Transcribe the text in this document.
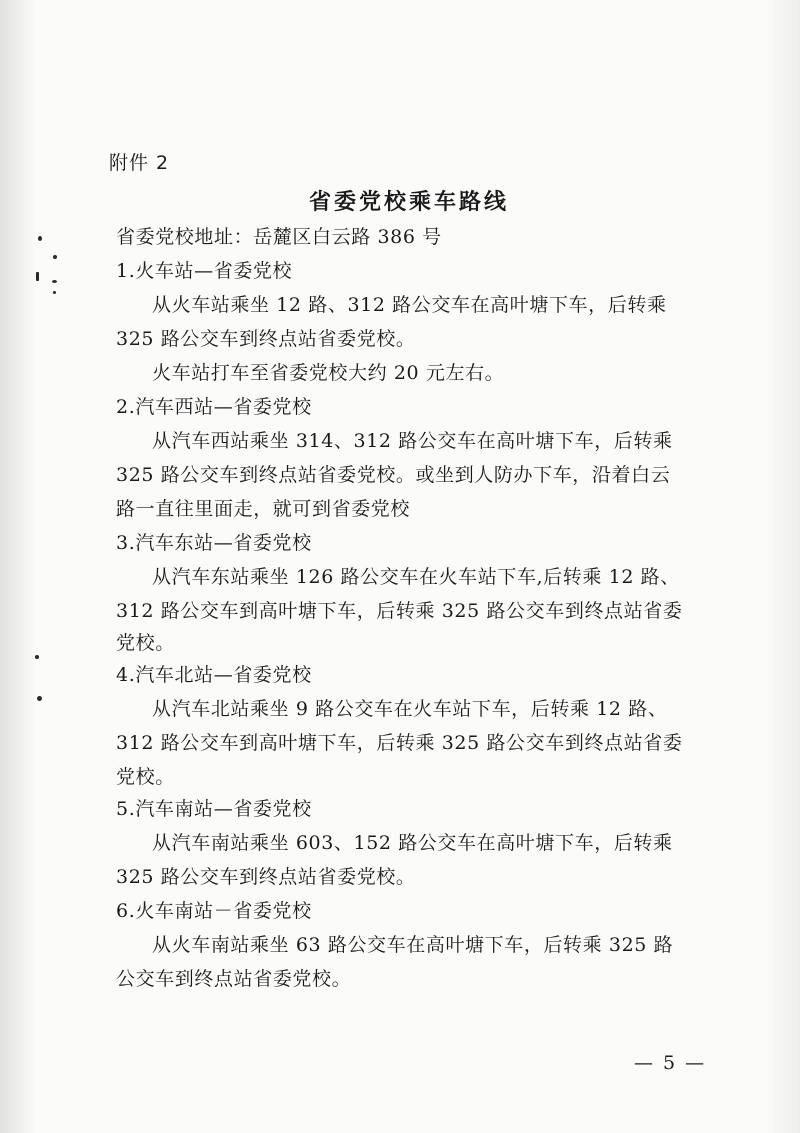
附件 2
省委党校乘车路线
省委党校地址：岳麓区白云路 386 号
1.火车站—省委党校
从火车站乘坐 12 路、312 路公交车在高叶塘下车，后转乘
325 路公交车到终点站省委党校。
火车站打车至省委党校大约 20 元左右。
2.汽车西站—省委党校
从汽车西站乘坐 314、312 路公交车在高叶塘下车，后转乘
325 路公交车到终点站省委党校。或坐到人防办下车，沿着白云
路一直往里面走，就可到省委党校
3.汽车东站—省委党校
从汽车东站乘坐 126 路公交车在火车站下车,后转乘 12 路、
312 路公交车到高叶塘下车，后转乘 325 路公交车到终点站省委
党校。
4.汽车北站—省委党校
从汽车北站乘坐 9 路公交车在火车站下车，后转乘 12 路、
312 路公交车到高叶塘下车，后转乘 325 路公交车到终点站省委
党校。
5.汽车南站—省委党校
从汽车南站乘坐 603、152 路公交车在高叶塘下车，后转乘
325 路公交车到终点站省委党校。
6.火车南站－省委党校
从火车南站乘坐 63 路公交车在高叶塘下车，后转乘 325 路
公交车到终点站省委党校。
— 5 —
